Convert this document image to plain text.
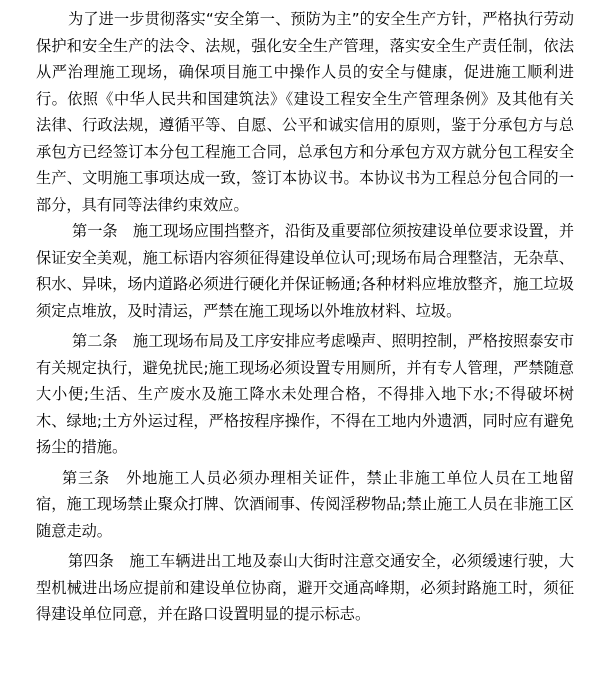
为了进一步贯彻落实“安全第一、预防为主”的安全生产方针，严格执行劳动保护和安全生产的法令、法规，强化安全生产管理，落实安全生产责任制，依法从严治理施工现场，确保项目施工中操作人员的安全与健康，促进施工顺利进行。依照《中华人民共和国建筑法》《建设工程安全生产管理条例》及其他有关法律、行政法规，遵循平等、自愿、公平和诚实信用的原则，鉴于分承包方与总承包方已经签订本分包工程施工合同，总承包方和分承包方双方就分包工程安全生产、文明施工事项达成一致，签订本协议书。本协议书为工程总分包合同的一部分，具有同等法律约束效应。

第一条　施工现场应围挡整齐，沿街及重要部位须按建设单位要求设置，并保证安全美观，施工标语内容须征得建设单位认可;现场布局合理整洁，无杂草、积水、异味，场内道路必须进行硬化并保证畅通;各种材料应堆放整齐，施工垃圾须定点堆放，及时清运，严禁在施工现场以外堆放材料、垃圾。

第二条　施工现场布局及工序安排应考虑噪声、照明控制，严格按照泰安市有关规定执行，避免扰民;施工现场必须设置专用厕所，并有专人管理，严禁随意大小便;生活、生产废水及施工降水未处理合格，不得排入地下水;不得破坏树木、绿地;土方外运过程，严格按程序操作，不得在工地内外遗洒，同时应有避免扬尘的措施。

第三条　外地施工人员必须办理相关证件，禁止非施工单位人员在工地留宿，施工现场禁止聚众打牌、饮酒闹事、传阅淫秽物品;禁止施工人员在非施工区随意走动。

第四条　施工车辆进出工地及泰山大街时注意交通安全，必须缓速行驶，大型机械进出场应提前和建设单位协商，避开交通高峰期，必须封路施工时，须征得建设单位同意，并在路口设置明显的提示标志。
